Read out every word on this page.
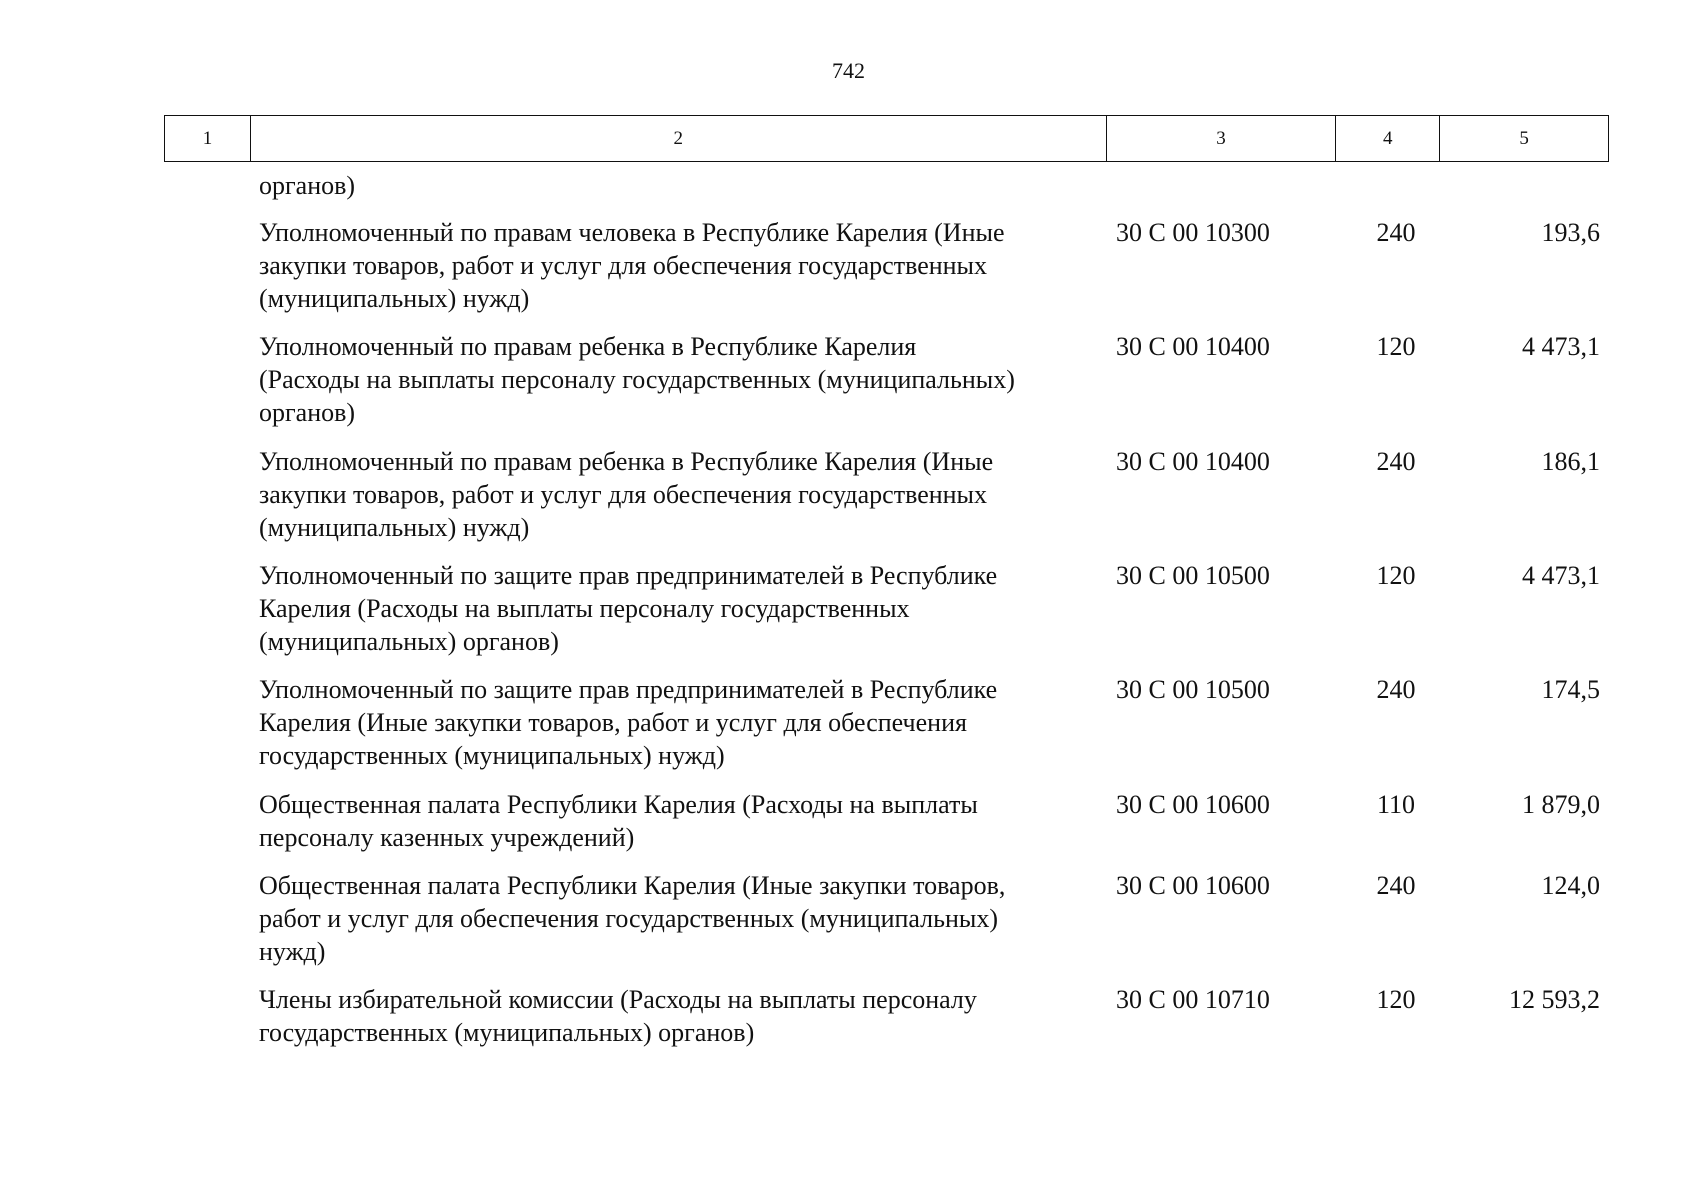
742
1	2	3	4	5
органов)
Уполномоченный по правам человека в Республике Карелия (Иные
закупки товаров, работ и услуг для обеспечения государственных
(муниципальных) нужд)
30 С 00 10300	240	193,6
Уполномоченный по правам ребенка в Республике Карелия
(Расходы на выплаты персоналу государственных (муниципальных)
органов)
30 С 00 10400	120	4 473,1
Уполномоченный по правам ребенка в Республике Карелия (Иные
закупки товаров, работ и услуг для обеспечения государственных
(муниципальных) нужд)
30 С 00 10400	240	186,1
Уполномоченный по защите прав предпринимателей в Республике
Карелия (Расходы на выплаты персоналу государственных
(муниципальных) органов)
30 С 00 10500	120	4 473,1
Уполномоченный по защите прав предпринимателей в Республике
Карелия (Иные закупки товаров, работ и услуг для обеспечения
государственных (муниципальных) нужд)
30 С 00 10500	240	174,5
Общественная палата Республики Карелия (Расходы на выплаты
персоналу казенных учреждений)
30 С 00 10600	110	1 879,0
Общественная палата Республики Карелия (Иные закупки товаров,
работ и услуг для обеспечения государственных (муниципальных)
нужд)
30 С 00 10600	240	124,0
Члены избирательной комиссии (Расходы на выплаты персоналу
государственных (муниципальных) органов)
30 С 00 10710	120	12 593,2
